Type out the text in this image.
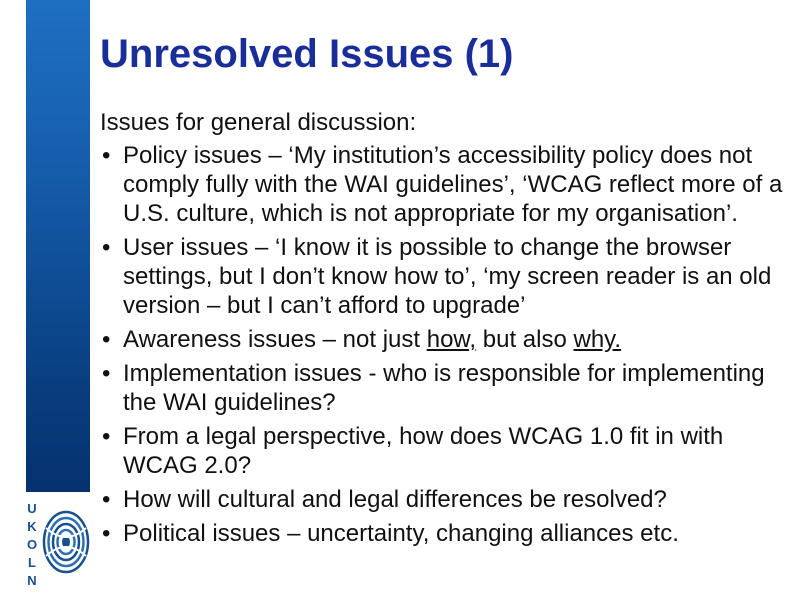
U
K
O
L
N
Unresolved Issues (1)

Issues for general discussion:

• Policy issues – ‘My institution’s accessibility policy does not comply fully with the WAI guidelines’, ‘WCAG reflect more of a U.S. culture, which is not appropriate for my organisation’.
• User issues – ‘I know it is possible to change the browser settings, but I don’t know how to’, ‘my screen reader is an old version – but I can’t afford to upgrade’
• Awareness issues – not just how, but also why.
• Implementation issues - who is responsible for implementing the WAI guidelines?
• From a legal perspective, how does WCAG 1.0 fit in with WCAG 2.0?
• How will cultural and legal differences be resolved?
• Political issues – uncertainty, changing alliances etc.
